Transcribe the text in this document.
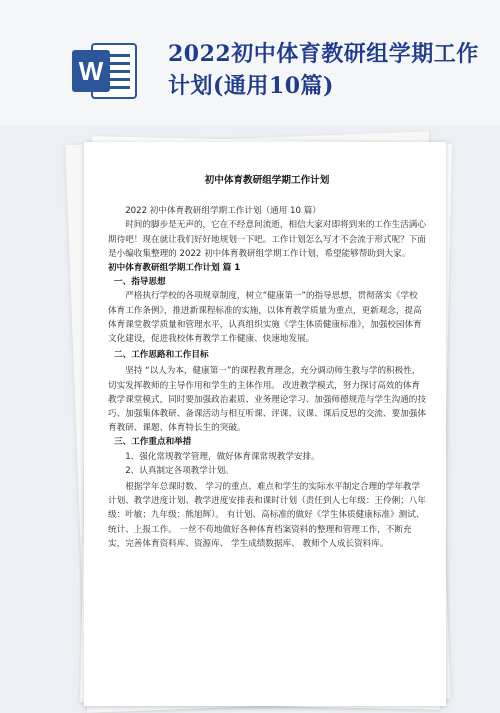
W
2022初中体育教研组学期工作计划(通用10篇)

初中体育教研组学期工作计划

2022 初中体育教研组学期工作计划（通用 10 篇）

时间的脚步是无声的，它在不经意间流逝，相信大家对即将到来的工作生活满心期待吧！现在就让我们好好地规划一下吧。工作计划怎么写才不会流于形式呢？下面是小编收集整理的 2022 初中体育教研组学期工作计划，希望能够帮助到大家。

初中体育教研组学期工作计划 篇 1

一、指导思想

严格执行学校的各项规章制度，树立“健康第一”的指导思想，贯彻落实《学校体育工作条例》，推进新课程标准的实施，以体育教学质量为重点，更新观念，提高体育课堂教学质量和管理水平，认真组织实施《学生体质健康标准》，加强校园体育文化建设，促进我校体育教学工作健康、快速地发展。

二、工作思路和工作目标

坚持 “以人为本，健康第一”的课程教育理念，充分调动师生教与学的积极性，切实发挥教师的主导作用和学生的主体作用。 改进教学模式，努力探讨高效的体育教学课堂模式，同时要加强政治素质、业务理论学习、加强师德规范与学生沟通的技巧、加强集体教研、备课活动与相互听课、评课、议课、课后反思的交流、要加强体育教研、课题、体育特长生的突破。

三、工作重点和举措

1、强化常规教学管理，做好体育课常规教学安排。

2、认真制定各项教学计划。

根据学年总课时数、 学习的重点、难点和学生的实际水平制定合理的学年教学计划、教学进度计划、教学进度安排表和课时计划（责任到人七年级：王伶俐；八年级：叶敏；九年级：熊旭辉）。 有计划、高标准的做好《学生体质健康标准》测试、统计、上报工作。 一丝不苟地做好各种体育档案资料的整理和管理工作，不断充实，完善体育资料库、资源库、 学生成绩数据库、 教师个人成长资料库。
